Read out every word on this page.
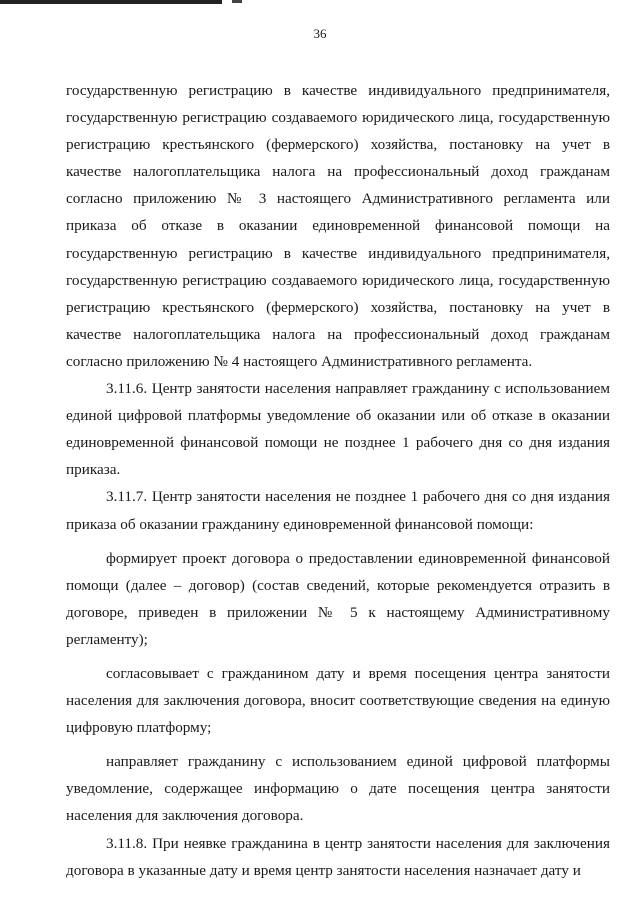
36

государственную регистрацию в качестве индивидуального предпринимателя, государственную регистрацию создаваемого юридического лица, государственную регистрацию крестьянского (фермерского) хозяйства, постановку на учет в качестве налогоплательщика налога на профессиональный доход гражданам согласно приложению № 3 настоящего Административного регламента или приказа об отказе в оказании единовременной финансовой помощи на государственную регистрацию в качестве индивидуального предпринимателя, государственную регистрацию создаваемого юридического лица, государственную регистрацию крестьянского (фермерского) хозяйства, постановку на учет в качестве налогоплательщика налога на профессиональный доход гражданам согласно приложению № 4 настоящего Административного регламента.

3.11.6. Центр занятости населения направляет гражданину с использованием единой цифровой платформы уведомление об оказании или об отказе в оказании единовременной финансовой помощи не позднее 1 рабочего дня со дня издания приказа.

3.11.7. Центр занятости населения не позднее 1 рабочего дня со дня издания приказа об оказании гражданину единовременной финансовой помощи:

формирует проект договора о предоставлении единовременной финансовой помощи (далее – договор) (состав сведений, которые рекомендуется отразить в договоре, приведен в приложении № 5 к настоящему Административному регламенту);

согласовывает с гражданином дату и время посещения центра занятости населения для заключения договора, вносит соответствующие сведения на единую цифровую платформу;

направляет гражданину с использованием единой цифровой платформы уведомление, содержащее информацию о дате посещения центра занятости населения для заключения договора.

3.11.8. При неявке гражданина в центр занятости населения для заключения договора в указанные дату и время центр занятости населения назначает дату и
